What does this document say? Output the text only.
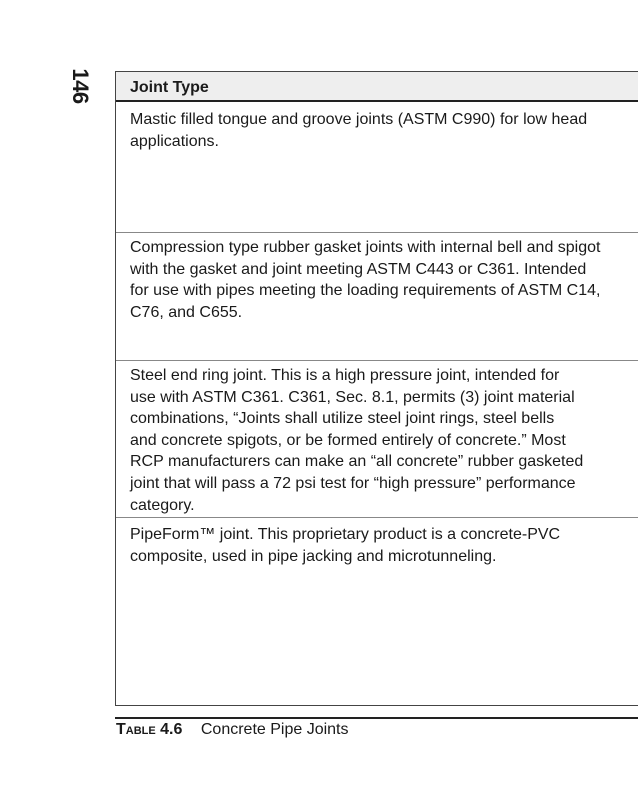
146 Joint Type
Mastic filled tongue and groove joints (ASTM C990) for low head
applications.
Compression type rubber gasket joints with internal bell and spigot
with the gasket and joint meeting ASTM C443 or C361. Intended
for use with pipes meeting the loading requirements of ASTM C14,
C76, and C655.
Steel end ring joint. This is a high pressure joint, intended for
use with ASTM C361. C361, Sec. 8.1, permits (3) joint material
combinations, “Joints shall utilize steel joint rings, steel bells
and concrete spigots, or be formed entirely of concrete.” Most
RCP manufacturers can make an “all concrete” rubber gasketed
joint that will pass a 72 psi test for “high pressure” performance
category.
PipeForm™ joint. This proprietary product is a concrete-PVC
composite, used in pipe jacking and microtunneling.
Table 4.6 Concrete Pipe Joints
